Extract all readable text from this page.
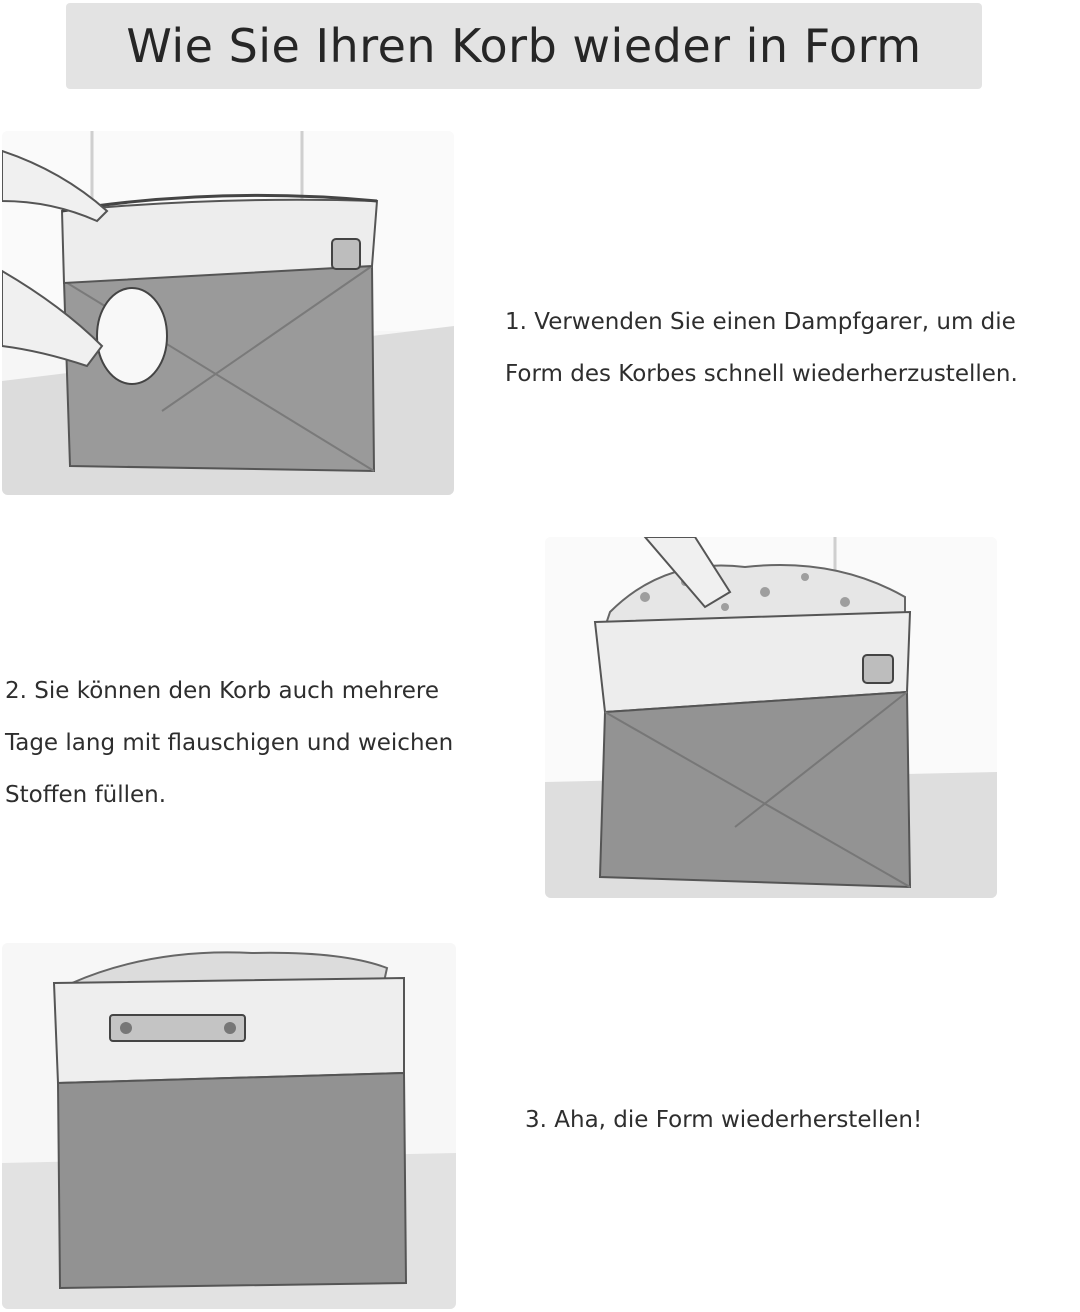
Wie Sie Ihren Korb wieder in Form

1. Verwenden Sie einen Dampfgarer, um die

Form des Korbes schnell wiederherzustellen.

2. Sie können den Korb auch mehrere

Tage lang mit flauschigen und weichen

Stoffen füllen.

3. Aha, die Form wiederherstellen!
